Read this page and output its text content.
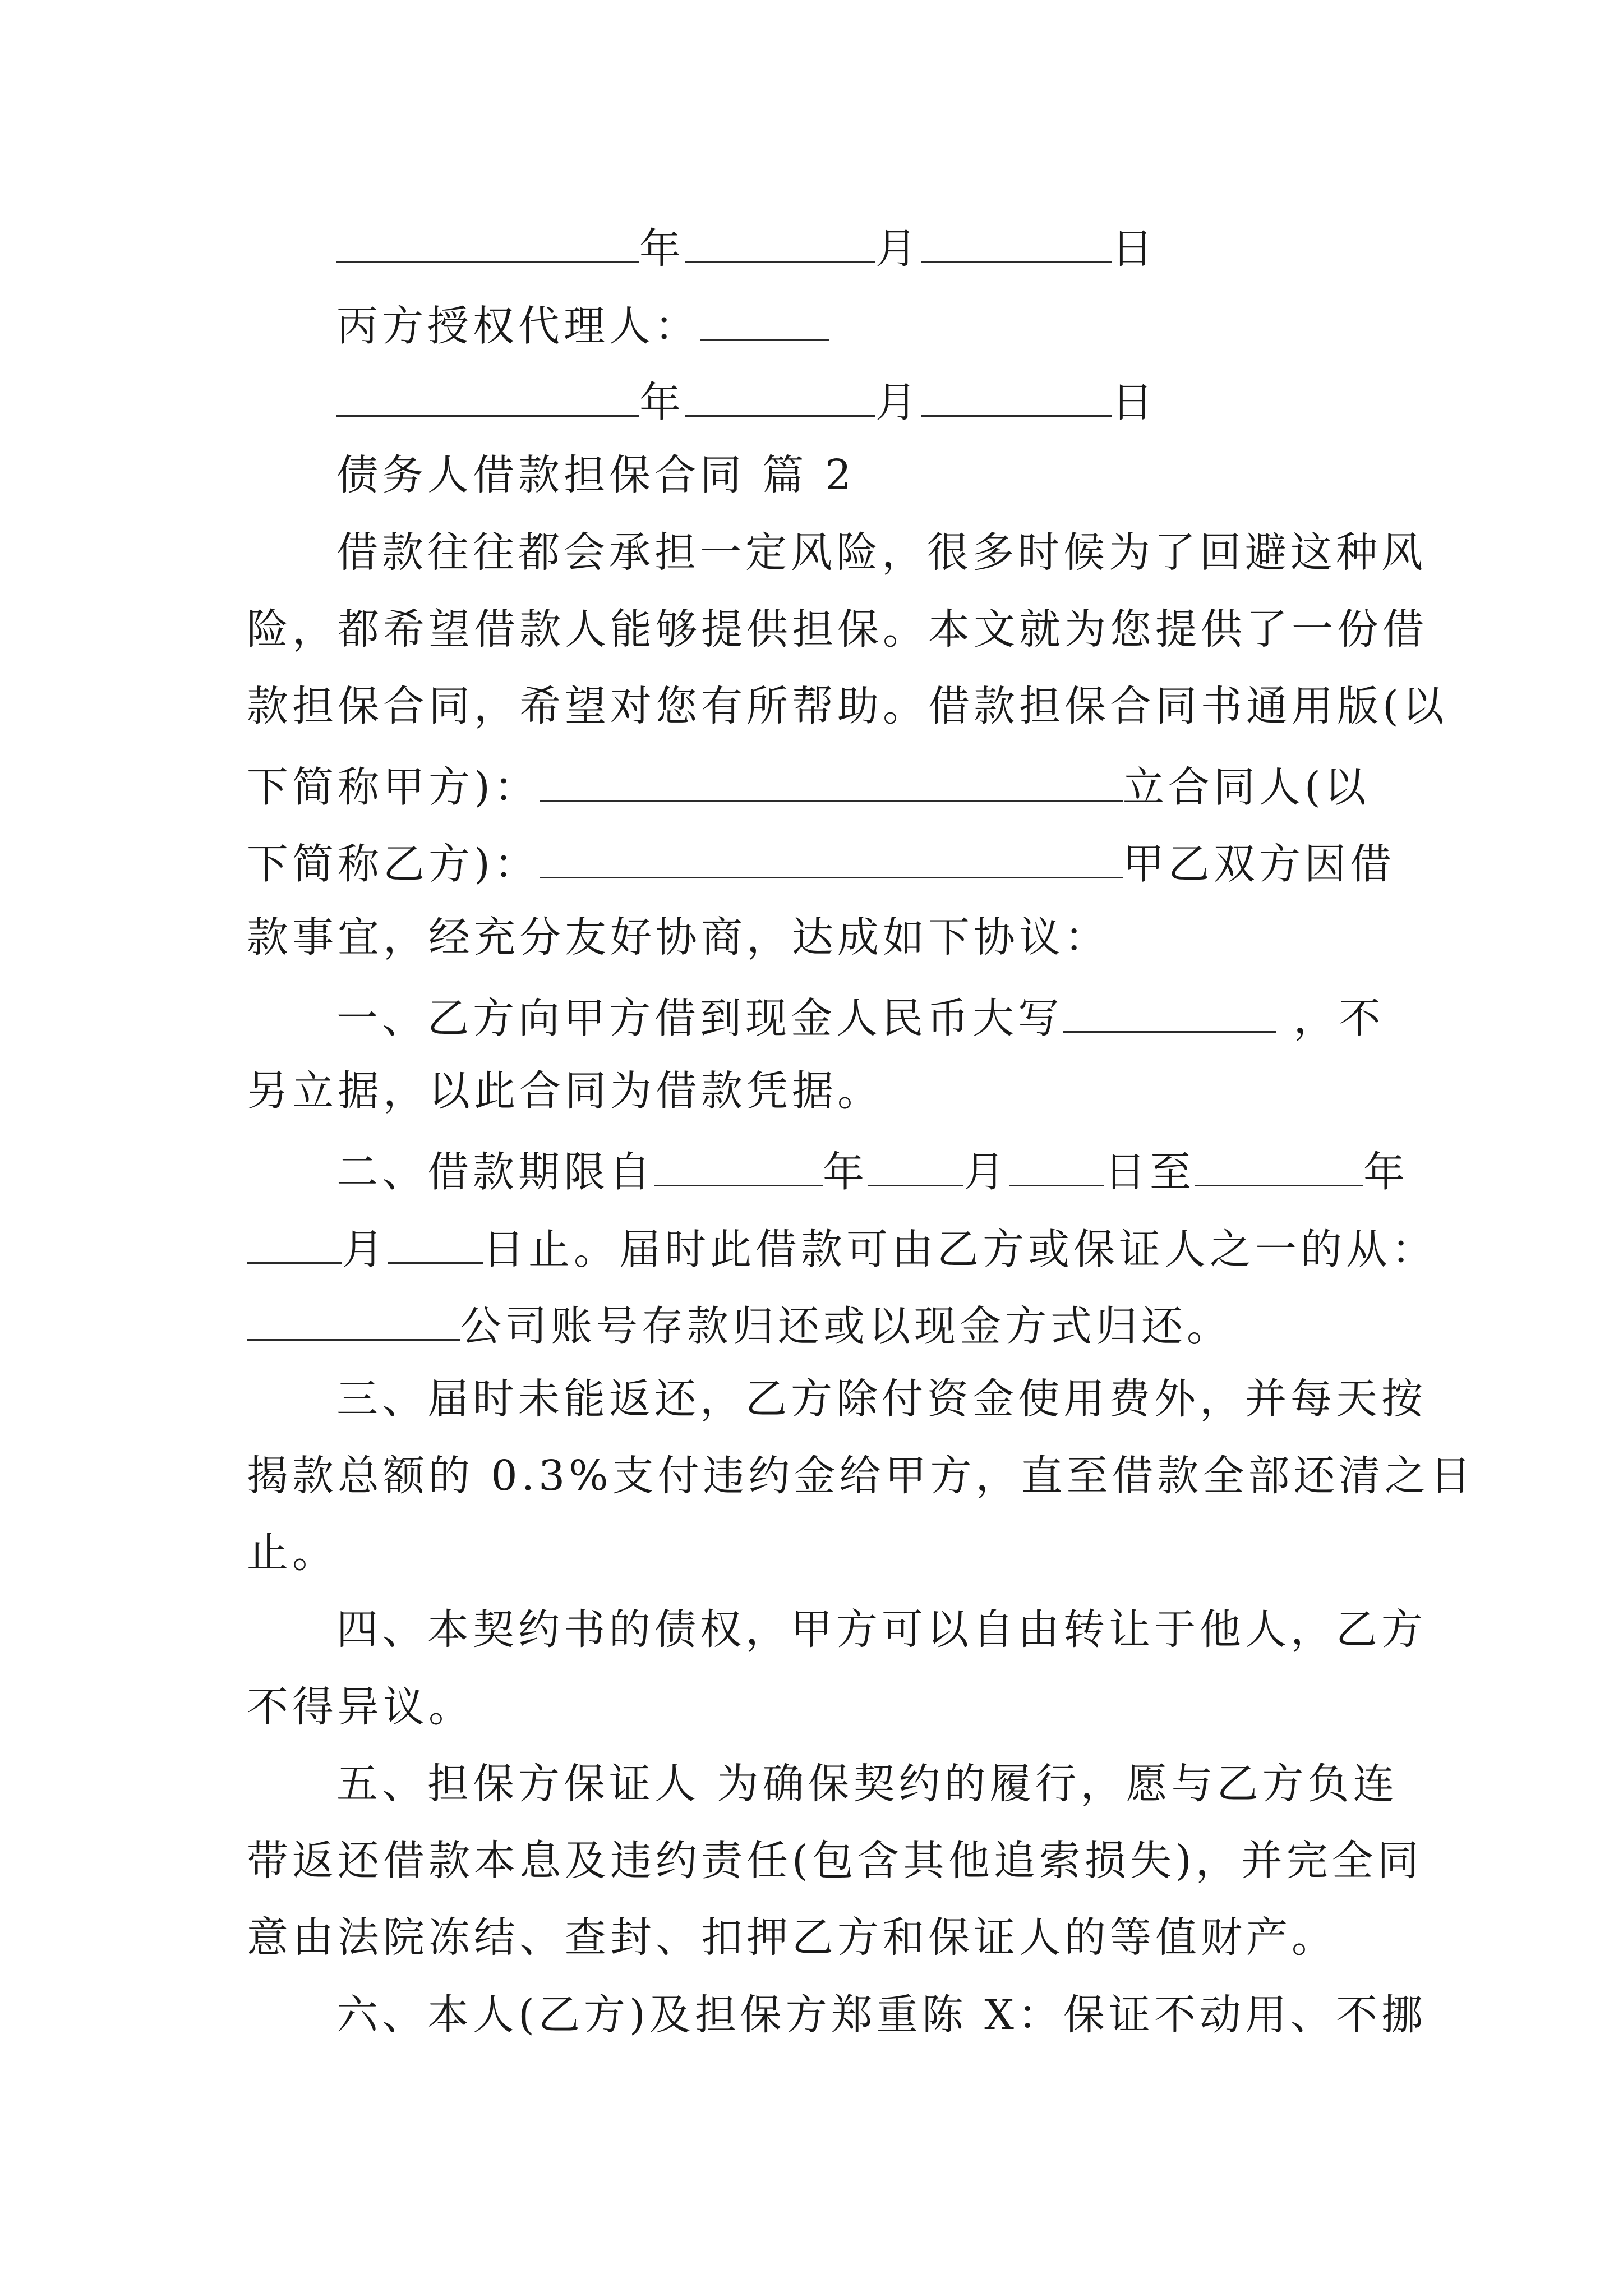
年	月	日
丙方授权代理人：
年	月	日
债务人借款担保合同 篇 2
借款往往都会承担一定风险，很多时候为了回避这种风
险，都希望借款人能够提供担保。本文就为您提供了一份借
款担保合同，希望对您有所帮助。借款担保合同书通用版(以
下简称甲方)：	立合同人(以
下简称乙方)：	甲乙双方因借
款事宜，经充分友好协商，达成如下协议：
一、乙方向甲方借到现金人民币大写	，不
另立据，以此合同为借款凭据。
二、借款期限自	年 月 日至	年
月 日止。届时此借款可由乙方或保证人之一的从：
公司账号存款归还或以现金方式归还。
三、届时未能返还，乙方除付资金使用费外，并每天按
揭款总额的 0.3%支付违约金给甲方，直至借款全部还清之日
止。
四、本契约书的债权，甲方可以自由转让于他人，乙方
不得异议。
五、担保方保证人 为确保契约的履行，愿与乙方负连
带返还借款本息及违约责任(包含其他追索损失)，并完全同
意由法院冻结、查封、扣押乙方和保证人的等值财产。
六、本人(乙方)及担保方郑重陈 X：保证不动用、不挪
